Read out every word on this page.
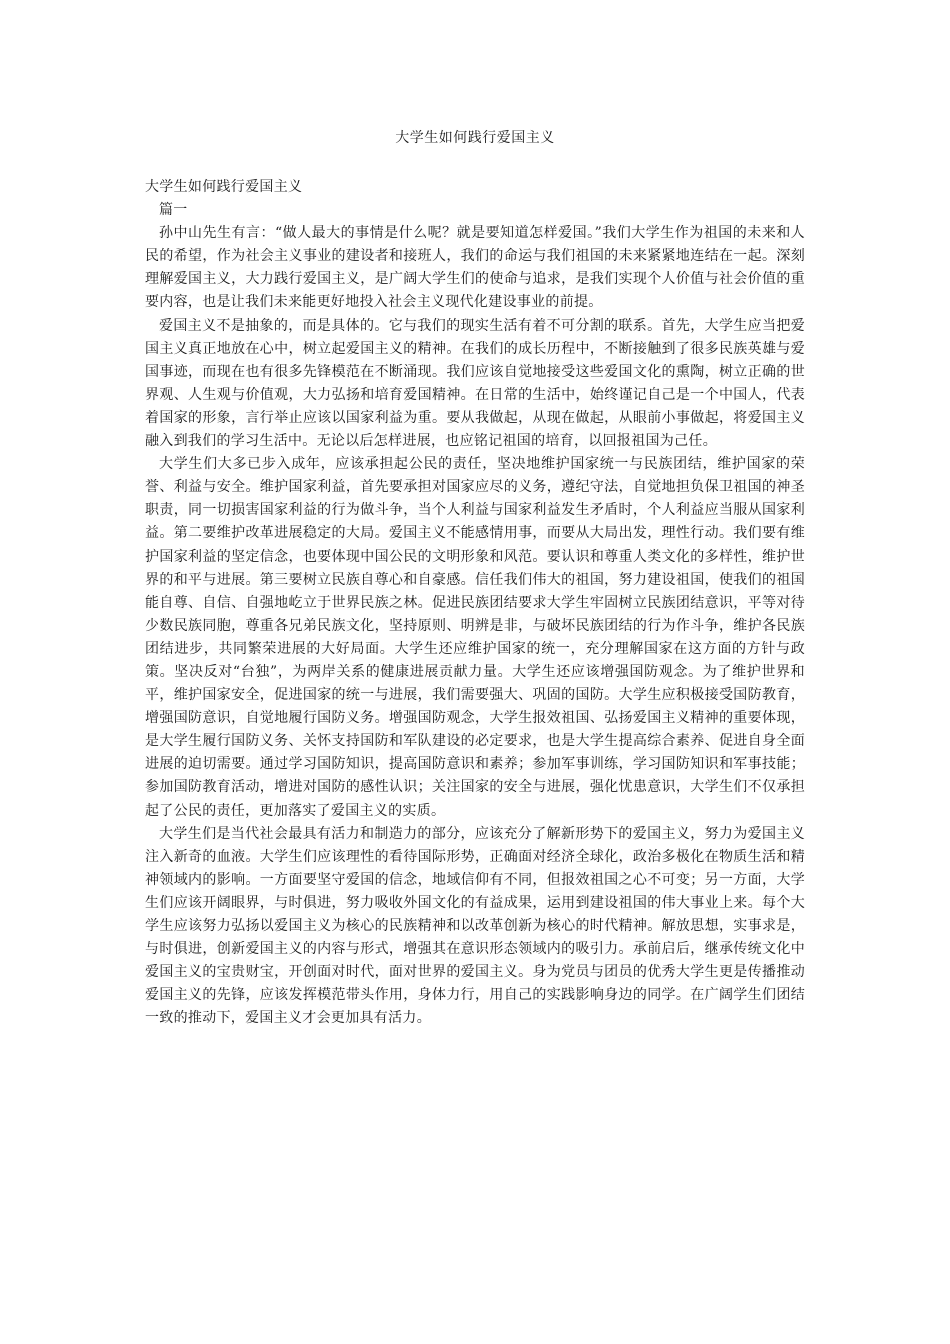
大学生如何践行爱国主义

大学生如何践行爱国主义

篇一

孙中山先生有言：“做人最大的事情是什么呢？就是要知道怎样爱国。”我们大学生作为祖国的未来和人民的希望，作为社会主义事业的建设者和接班人，我们的命运与我们祖国的未来紧紧地连结在一起。深刻理解爱国主义，大力践行爱国主义，是广阔大学生们的使命与追求，是我们实现个人价值与社会价值的重要内容，也是让我们未来能更好地投入社会主义现代化建设事业的前提。

爱国主义不是抽象的，而是具体的。它与我们的现实生活有着不可分割的联系。首先，大学生应当把爱国主义真正地放在心中，树立起爱国主义的精神。在我们的成长历程中，不断接触到了很多民族英雄与爱国事迹，而现在也有很多先锋模范在不断涌现。我们应该自觉地接受这些爱国文化的熏陶，树立正确的世界观、人生观与价值观，大力弘扬和培育爱国精神。在日常的生活中，始终谨记自己是一个中国人，代表着国家的形象，言行举止应该以国家利益为重。要从我做起，从现在做起，从眼前小事做起，将爱国主义融入到我们的学习生活中。无论以后怎样进展，也应铭记祖国的培育，以回报祖国为己任。

大学生们大多已步入成年，应该承担起公民的责任，坚决地维护国家统一与民族团结，维护国家的荣誉、利益与安全。维护国家利益，首先要承担对国家应尽的义务，遵纪守法，自觉地担负保卫祖国的神圣职责，同一切损害国家利益的行为做斗争，当个人利益与国家利益发生矛盾时，个人利益应当服从国家利益。第二要维护改革进展稳定的大局。爱国主义不能感情用事，而要从大局出发，理性行动。我们要有维护国家利益的坚定信念，也要体现中国公民的文明形象和风范。要认识和尊重人类文化的多样性，维护世界的和平与进展。第三要树立民族自尊心和自豪感。信任我们伟大的祖国，努力建设祖国，使我们的祖国能自尊、自信、自强地屹立于世界民族之林。促进民族团结要求大学生牢固树立民族团结意识，平等对待少数民族同胞，尊重各兄弟民族文化，坚持原则、明辨是非，与破坏民族团结的行为作斗争，维护各民族团结进步，共同繁荣进展的大好局面。大学生还应维护国家的统一，充分理解国家在这方面的方针与政策。坚决反对“台独”，为两岸关系的健康进展贡献力量。大学生还应该增强国防观念。为了维护世界和平，维护国家安全，促进国家的统一与进展，我们需要强大、巩固的国防。大学生应积极接受国防教育，增强国防意识，自觉地履行国防义务。增强国防观念，大学生报效祖国、弘扬爱国主义精神的重要体现，是大学生履行国防义务、关怀支持国防和军队建设的必定要求，也是大学生提高综合素养、促进自身全面进展的迫切需要。通过学习国防知识，提高国防意识和素养；参加军事训练，学习国防知识和军事技能；参加国防教育活动，增进对国防的感性认识；关注国家的安全与进展，强化忧患意识，大学生们不仅承担起了公民的责任，更加落实了爱国主义的实质。

大学生们是当代社会最具有活力和制造力的部分，应该充分了解新形势下的爱国主义，努力为爱国主义注入新奇的血液。大学生们应该理性的看待国际形势，正确面对经济全球化，政治多极化在物质生活和精神领域内的影响。一方面要坚守爱国的信念，地域信仰有不同，但报效祖国之心不可变；另一方面，大学生们应该开阔眼界，与时俱进，努力吸收外国文化的有益成果，运用到建设祖国的伟大事业上来。每个大学生应该努力弘扬以爱国主义为核心的民族精神和以改革创新为核心的时代精神。解放思想，实事求是，与时俱进，创新爱国主义的内容与形式，增强其在意识形态领域内的吸引力。承前启后，继承传统文化中爱国主义的宝贵财宝，开创面对时代，面对世界的爱国主义。身为党员与团员的优秀大学生更是传播推动爱国主义的先锋，应该发挥模范带头作用，身体力行，用自己的实践影响身边的同学。在广阔学生们团结一致的推动下，爱国主义才会更加具有活力。
